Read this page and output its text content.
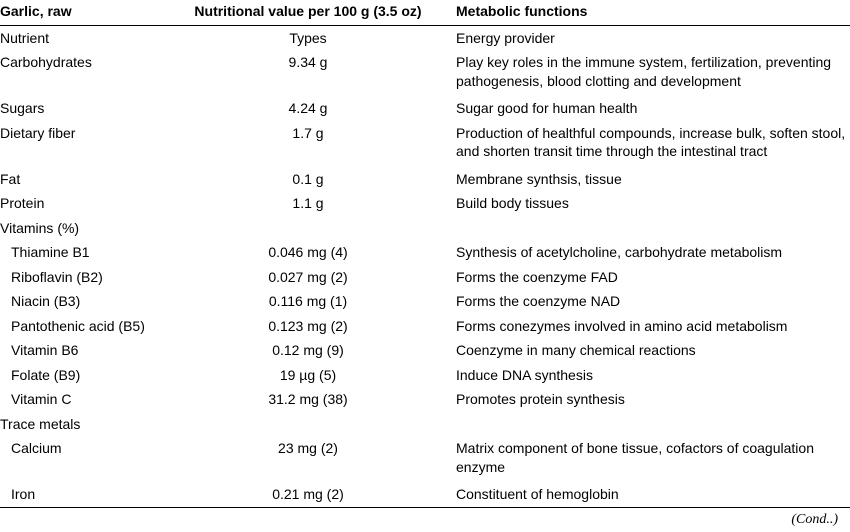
Garlic, raw	Nutritional value per 100 g (3.5 oz)	Metabolic functions
Nutrient	Types	Energy provider
Carbohydrates	9.34 g	Play key roles in the immune system, fertilization, preventing pathogenesis, blood clotting and development
Sugars	4.24 g	Sugar good for human health
Dietary fiber	1.7 g	Production of healthful compounds, increase bulk, soften stool, and shorten transit time through the intestinal tract
Fat	0.1 g	Membrane synthsis, tissue
Protein	1.1 g	Build body tissues
Vitamins (%)		
Thiamine B1	0.046 mg (4)	Synthesis of acetylcholine, carbohydrate metabolism
Riboflavin (B2)	0.027 mg (2)	Forms the coenzyme FAD
Niacin (B3)	0.116 mg (1)	Forms the coenzyme NAD
Pantothenic acid (B5)	0.123 mg (2)	Forms conezymes involved in amino acid metabolism
Vitamin B6	0.12 mg (9)	Coenzyme in many chemical reactions
Folate (B9)	19 µg (5)	Induce DNA synthesis
Vitamin C	31.2 mg (38)	Promotes protein synthesis
Trace metals		
Calcium	23 mg (2)	Matrix component of bone tissue, cofactors of coagulation enzyme
Iron	0.21 mg (2)	Constituent of hemoglobin
(Cond..)
